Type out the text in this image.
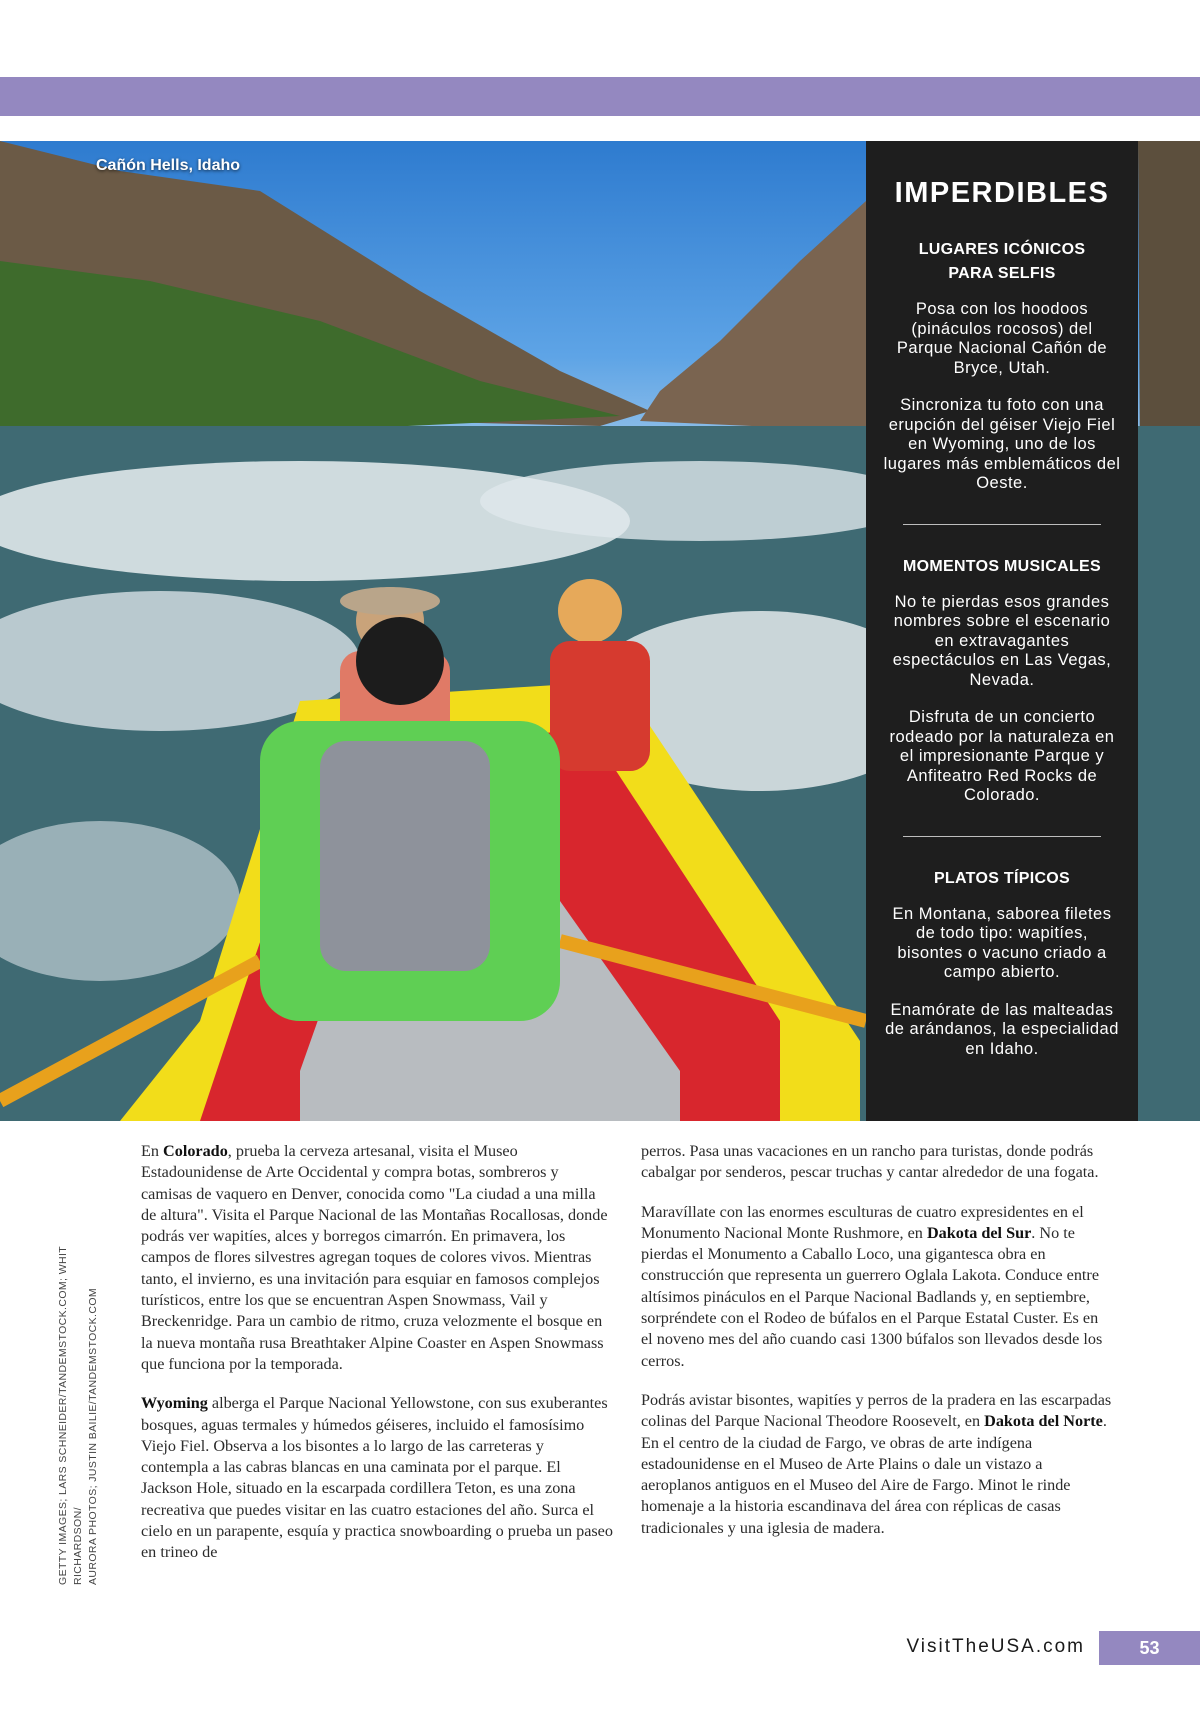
Cañón Hells, Idaho
IMPERDIBLES
LUGARES ICÓNICOS
PARA SELFIS
Posa con los hoodoos (pináculos rocosos) del Parque Nacional Cañón de Bryce, Utah.
Sincroniza tu foto con una erupción del géiser Viejo Fiel en Wyoming, uno de los lugares más emblemáticos del Oeste.
MOMENTOS MUSICALES
No te pierdas esos grandes nombres sobre el escenario en extravagantes espectáculos en Las Vegas, Nevada.
Disfruta de un concierto rodeado por la naturaleza en el impresionante Parque y Anfiteatro Red Rocks de Colorado.
PLATOS TÍPICOS
En Montana, saborea filetes de todo tipo: wapitíes, bisontes o vacuno criado a campo abierto.
Enamórate de las malteadas de arándanos, la especialidad en Idaho.
GETTY IMAGES; LARS SCHNEIDER/TANDEMSTOCK.COM; WHIT RICHARDSON/ AURORA PHOTOS; JUSTIN BAILIE/TANDEMSTOCK.COM

En Colorado, prueba la cerveza artesanal, visita el Museo Estadounidense de Arte Occidental y compra botas, sombreros y camisas de vaquero en Denver, conocida como "La ciudad a una milla de altura". Visita el Parque Nacional de las Montañas Rocallosas, donde podrás ver wapitíes, alces y borregos cimarrón. En primavera, los campos de flores silvestres agregan toques de colores vivos. Mientras tanto, el invierno, es una invitación para esquiar en famosos complejos turísticos, entre los que se encuentran Aspen Snowmass, Vail y Breckenridge. Para un cambio de ritmo, cruza velozmente el bosque en la nueva montaña rusa Breathtaker Alpine Coaster en Aspen Snowmass que funciona por la temporada.

Wyoming alberga el Parque Nacional Yellowstone, con sus exuberantes bosques, aguas termales y húmedos géiseres, incluido el famosísimo Viejo Fiel. Observa a los bisontes a lo largo de las carreteras y contempla a las cabras blancas en una caminata por el parque. El Jackson Hole, situado en la escarpada cordillera Teton, es una zona recreativa que puedes visitar en las cuatro estaciones del año. Surca el cielo en un parapente, esquía y practica snowboarding o prueba un paseo en trineo de

perros. Pasa unas vacaciones en un rancho para turistas, donde podrás cabalgar por senderos, pescar truchas y cantar alrededor de una fogata.

Maravíllate con las enormes esculturas de cuatro expresidentes en el Monumento Nacional Monte Rushmore, en Dakota del Sur. No te pierdas el Monumento a Caballo Loco, una gigantesca obra en construcción que representa un guerrero Oglala Lakota. Conduce entre altísimos pináculos en el Parque Nacional Badlands y, en septiembre, sorpréndete con el Rodeo de búfalos en el Parque Estatal Custer. Es en el noveno mes del año cuando casi 1300 búfalos son llevados desde los cerros.

Podrás avistar bisontes, wapitíes y perros de la pradera en las escarpadas colinas del Parque Nacional Theodore Roosevelt, en Dakota del Norte. En el centro de la ciudad de Fargo, ve obras de arte indígena estadounidense en el Museo de Arte Plains o dale un vistazo a aeroplanos antiguos en el Museo del Aire de Fargo. Minot le rinde homenaje a la historia escandinava del área con réplicas de casas tradicionales y una iglesia de madera.

VisitTheUSA.com	53
